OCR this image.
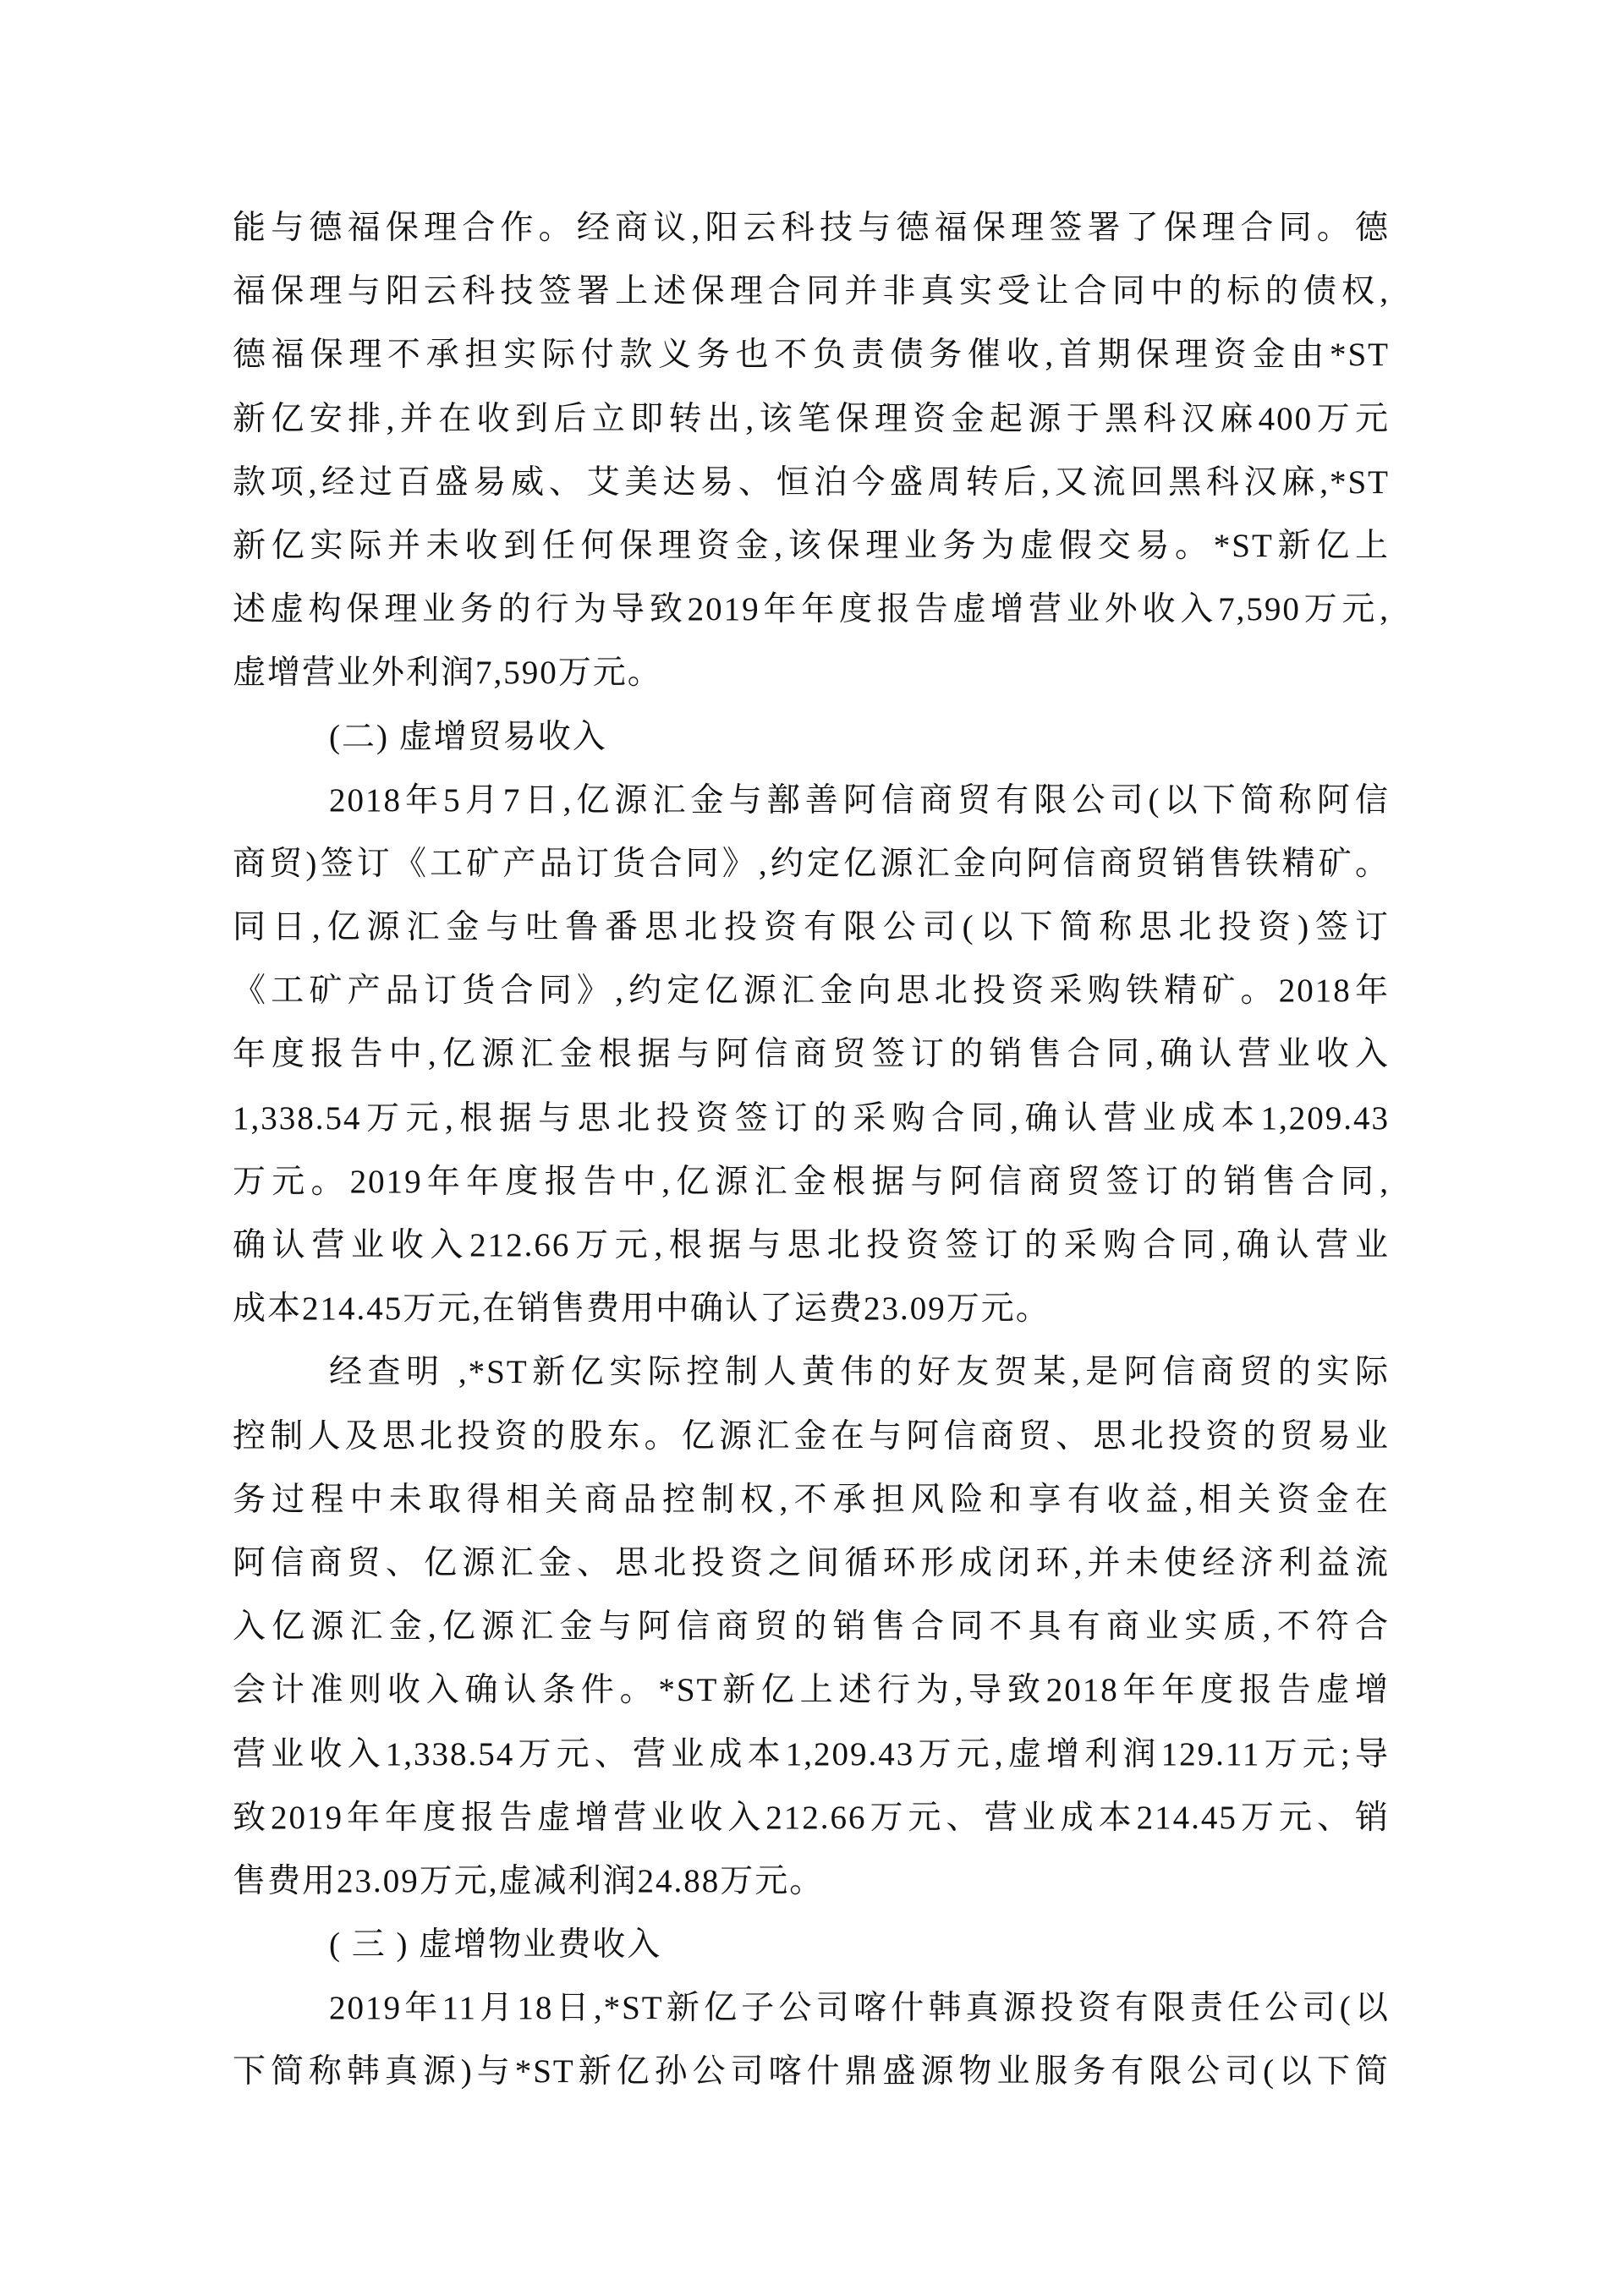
能与德福保理合作。经商议,阳云科技与德福保理签署了保理合同。德
福保理与阳云科技签署上述保理合同并非真实受让合同中的标的债权,
德福保理不承担实际付款义务也不负责债务催收,首期保理资金由*ST
新亿安排,并在收到后立即转出,该笔保理资金起源于黑科汉麻400万元
款项,经过百盛易威、艾美达易、恒泊今盛周转后,又流回黑科汉麻,*ST
新亿实际并未收到任何保理资金,该保理业务为虚假交易。*ST新亿上
述虚构保理业务的行为导致2019年年度报告虚增营业外收入7,590万元,
虚增营业外利润7,590万元。
(二) 虚增贸易收入
2018年5月7日,亿源汇金与鄯善阿信商贸有限公司(以下简称阿信
商贸)签订《工矿产品订货合同》,约定亿源汇金向阿信商贸销售铁精矿。
同日,亿源汇金与吐鲁番思北投资有限公司(以下简称思北投资)签订
《工矿产品订货合同》,约定亿源汇金向思北投资采购铁精矿。2018年
年度报告中,亿源汇金根据与阿信商贸签订的销售合同,确认营业收入
1,338.54万元,根据与思北投资签订的采购合同,确认营业成本1,209.43
万元。2019年年度报告中,亿源汇金根据与阿信商贸签订的销售合同,
确认营业收入212.66万元,根据与思北投资签订的采购合同,确认营业
成本214.45万元,在销售费用中确认了运费23.09万元。
经查明 ,*ST新亿实际控制人黄伟的好友贺某,是阿信商贸的实际
控制人及思北投资的股东。亿源汇金在与阿信商贸、思北投资的贸易业
务过程中未取得相关商品控制权,不承担风险和享有收益,相关资金在
阿信商贸、亿源汇金、思北投资之间循环形成闭环,并未使经济利益流
入亿源汇金,亿源汇金与阿信商贸的销售合同不具有商业实质,不符合
会计准则收入确认条件。*ST新亿上述行为,导致2018年年度报告虚增
营业收入1,338.54万元、营业成本1,209.43万元,虚增利润129.11万元;导
致2019年年度报告虚增营业收入212.66万元、营业成本214.45万元、销
售费用23.09万元,虚减利润24.88万元。
( 三 ) 虚增物业费收入
2019年11月18日,*ST新亿子公司喀什韩真源投资有限责任公司(以
下简称韩真源)与*ST新亿孙公司喀什鼎盛源物业服务有限公司(以下简
